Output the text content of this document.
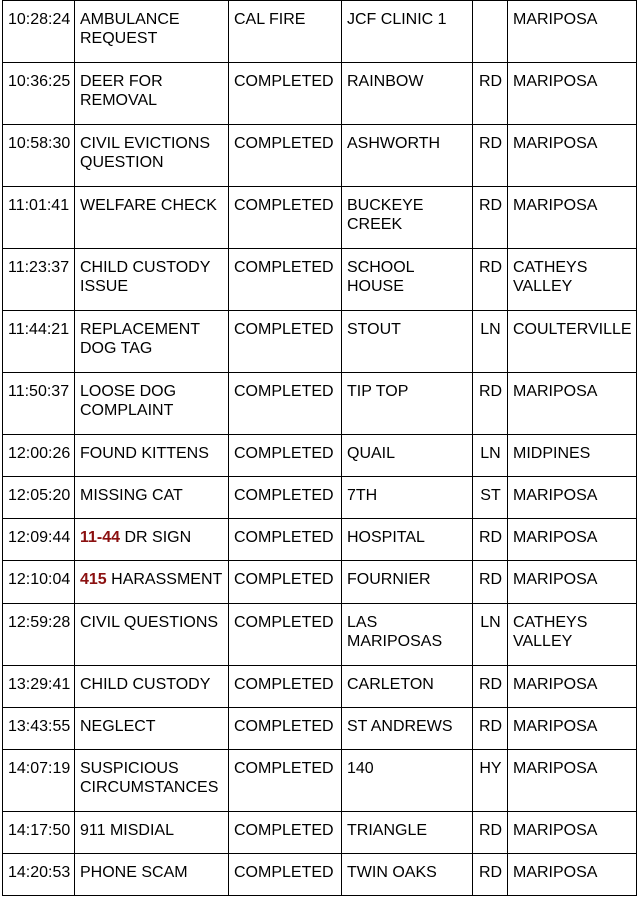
10:28:24	AMBULANCE REQUEST	CAL FIRE	JCF CLINIC 1		MARIPOSA
10:36:25	DEER FOR REMOVAL	COMPLETED	RAINBOW	RD	MARIPOSA
10:58:30	CIVIL EVICTIONS QUESTION	COMPLETED	ASHWORTH	RD	MARIPOSA
11:01:41	WELFARE CHECK	COMPLETED	BUCKEYE CREEK	RD	MARIPOSA
11:23:37	CHILD CUSTODY ISSUE	COMPLETED	SCHOOL HOUSE	RD	CATHEYS VALLEY
11:44:21	REPLACEMENT DOG TAG	COMPLETED	STOUT	LN	COULTERVILLE
11:50:37	LOOSE DOG COMPLAINT	COMPLETED	TIP TOP	RD	MARIPOSA
12:00:26	FOUND KITTENS	COMPLETED	QUAIL	LN	MIDPINES
12:05:20	MISSING CAT	COMPLETED	7TH	ST	MARIPOSA
12:09:44	11-44 DR SIGN	COMPLETED	HOSPITAL	RD	MARIPOSA
12:10:04	415 HARASSMENT	COMPLETED	FOURNIER	RD	MARIPOSA
12:59:28	CIVIL QUESTIONS	COMPLETED	LAS MARIPOSAS	LN	CATHEYS VALLEY
13:29:41	CHILD CUSTODY	COMPLETED	CARLETON	RD	MARIPOSA
13:43:55	NEGLECT	COMPLETED	ST ANDREWS	RD	MARIPOSA
14:07:19	SUSPICIOUS CIRCUMSTANCES	COMPLETED	140	HY	MARIPOSA
14:17:50	911 MISDIAL	COMPLETED	TRIANGLE	RD	MARIPOSA
14:20:53	PHONE SCAM	COMPLETED	TWIN OAKS	RD	MARIPOSA
